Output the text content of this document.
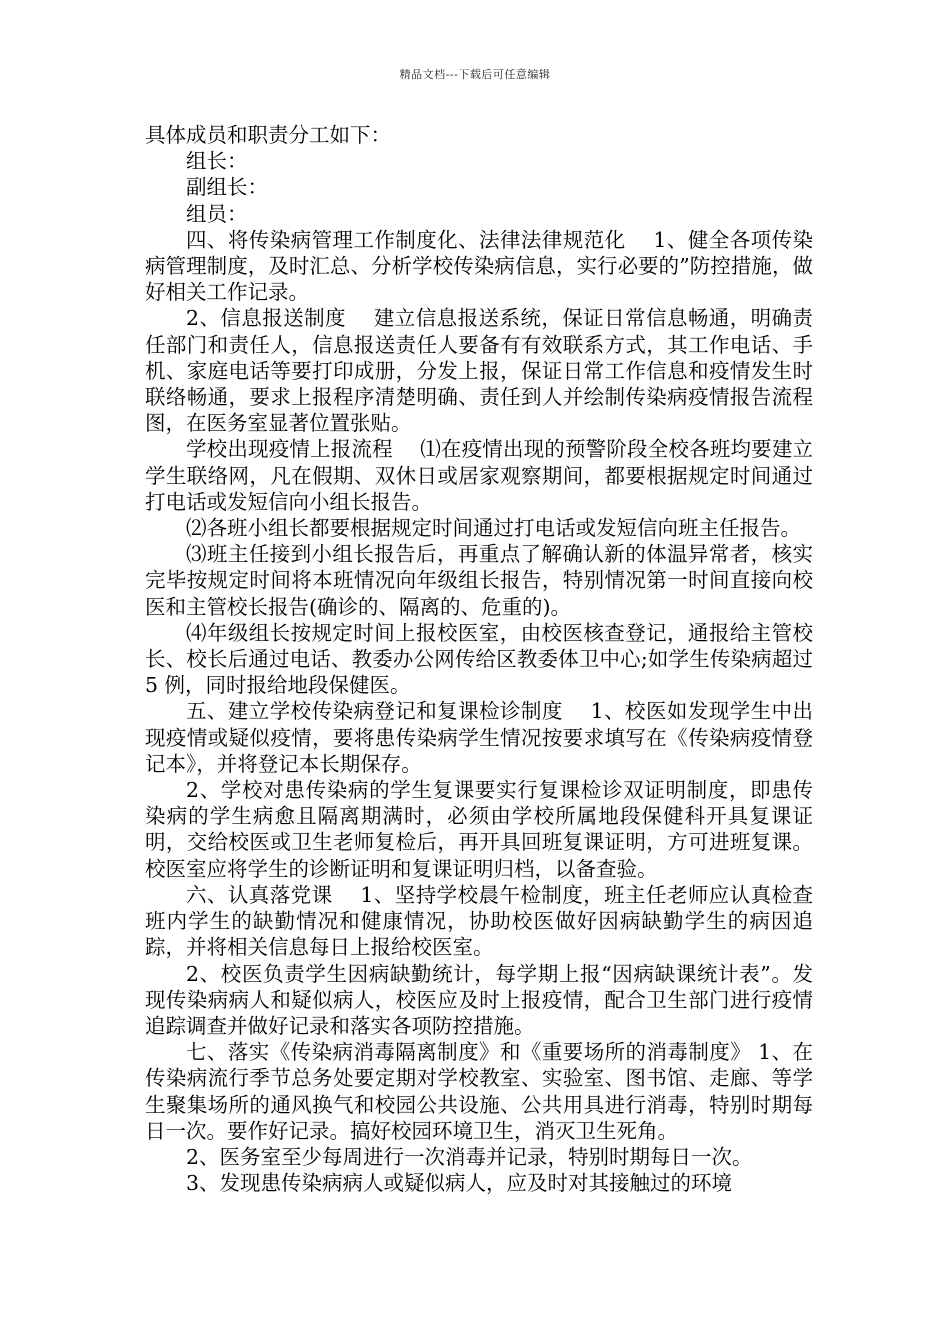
精品文档---下载后可任意编辑

具体成员和职责分工如下：

组长：

副组长：

组员：

四、将传染病管理工作制度化、法律法律规范化　 1、健全各项传染病管理制度，及时汇总、分析学校传染病信息，实行必要的”防控措施，做好相关工作记录。

2、信息报送制度　 建立信息报送系统，保证日常信息畅通，明确责任部门和责任人，信息报送责任人要备有有效联系方式，其工作电话、手机、家庭电话等要打印成册，分发上报，保证日常工作信息和疫情发生时联络畅通，要求上报程序清楚明确、责任到人并绘制传染病疫情报告流程图，在医务室显著位置张贴。

学校出现疫情上报流程　 ⑴在疫情出现的预警阶段全校各班均要建立学生联络网，凡在假期、双休日或居家观察期间，都要根据规定时间通过打电话或发短信向小组长报告。

⑵各班小组长都要根据规定时间通过打电话或发短信向班主任报告。

⑶班主任接到小组长报告后，再重点了解确认新的体温异常者，核实完毕按规定时间将本班情况向年级组长报告，特别情况第一时间直接向校医和主管校长报告(确诊的、隔离的、危重的)。

⑷年级组长按规定时间上报校医室，由校医核查登记，通报给主管校长、校长后通过电话、教委办公网传给区教委体卫中心;如学生传染病超过 5 例，同时报给地段保健医。

五、建立学校传染病登记和复课检诊制度　 1、校医如发现学生中出现疫情或疑似疫情，要将患传染病学生情况按要求填写在《传染病疫情登记本》，并将登记本长期保存。

2、学校对患传染病的学生复课要实行复课检诊双证明制度，即患传染病的学生病愈且隔离期满时，必须由学校所属地段保健科开具复课证明，交给校医或卫生老师复检后，再开具回班复课证明，方可进班复课。校医室应将学生的诊断证明和复课证明归档，以备查验。

六、认真落党课　 1、坚持学校晨午检制度，班主任老师应认真检查班内学生的缺勤情况和健康情况，协助校医做好因病缺勤学生的病因追踪，并将相关信息每日上报给校医室。

2、校医负责学生因病缺勤统计，每学期上报“因病缺课统计表”。发现传染病病人和疑似病人，校医应及时上报疫情，配合卫生部门进行疫情追踪调查并做好记录和落实各项防控措施。

七、落实《传染病消毒隔离制度》和《重要场所的消毒制度》 1、在传染病流行季节总务处要定期对学校教室、实验室、图书馆、走廊、等学生聚集场所的通风换气和校园公共设施、公共用具进行消毒，特别时期每日一次。要作好记录。搞好校园环境卫生，消灭卫生死角。

2、医务室至少每周进行一次消毒并记录，特别时期每日一次。

3、发现患传染病病人或疑似病人，应及时对其接触过的环境
